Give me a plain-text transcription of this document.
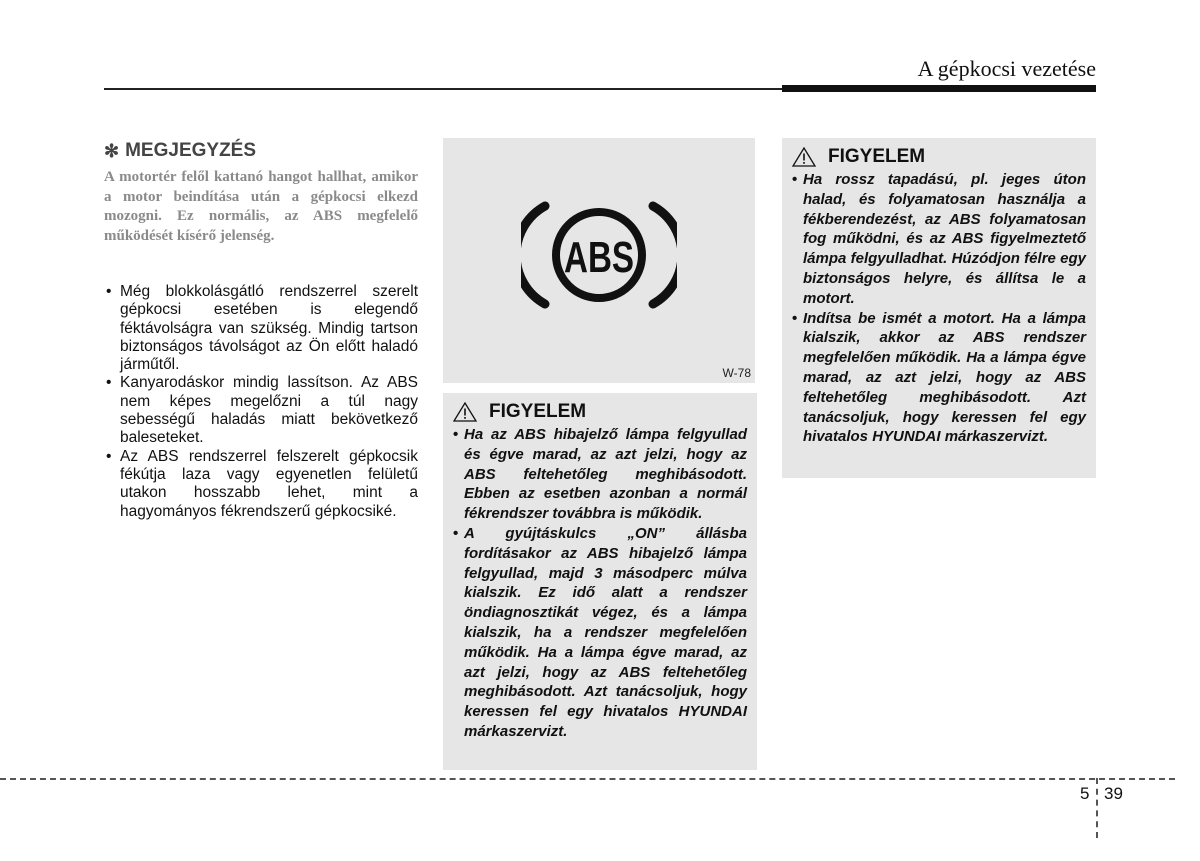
A gépkocsi vezetése
✻ MEGJEGYZÉS

A motortér felől kattanó hangot hallhat, amikor a motor beindítása után a gépkocsi elkezd mozogni. Ez normális, az ABS megfelelő működését kísérő jelenség.

• Még blokkolásgátló rendszerrel szerelt gépkocsi esetében is elegendő féktávolságra van szükség. Mindig tartson biztonságos távolságot az Ön előtt haladó járműtől.
• Kanyarodáskor mindig lassítson. Az ABS nem képes megelőzni a túl nagy sebességű haladás miatt bekövetkező baleseteket.
• Az ABS rendszerrel felszerelt gépkocsik fékútja laza vagy egyenetlen felületű utakon hosszabb lehet, mint a hagyományos fékrendszerű gépkocsiké.
ABS
W-78
FIGYELEM
• Ha az ABS hibajelző lámpa felgyullad és égve marad, az azt jelzi, hogy az ABS feltehetőleg meghibásodott. Ebben az esetben azonban a normál fékrendszer továbbra is működik.
• A gyújtáskulcs „ON” állásba fordításakor az ABS hibajelző lámpa felgyullad, majd 3 másodperc múlva kialszik. Ez idő alatt a rendszer öndiagnosztikát végez, és a lámpa kialszik, ha a rendszer megfelelően működik. Ha a lámpa égve marad, az azt jelzi, hogy az ABS feltehetőleg meghibásodott. Azt tanácsoljuk, hogy keressen fel egy hivatalos HYUNDAI márkaszervizt.
FIGYELEM
• Ha rossz tapadású, pl. jeges úton halad, és folyamatosan használja a fékberendezést, az ABS folyamatosan fog működni, és az ABS figyelmeztető lámpa felgyulladhat. Húzódjon félre egy biztonságos helyre, és állítsa le a motort.
• Indítsa be ismét a motort. Ha a lámpa kialszik, akkor az ABS rendszer megfelelően működik. Ha a lámpa égve marad, az azt jelzi, hogy az ABS feltehetőleg meghibásodott. Azt tanácsoljuk, hogy keressen fel egy hivatalos HYUNDAI márkaszervizt.
5 39
